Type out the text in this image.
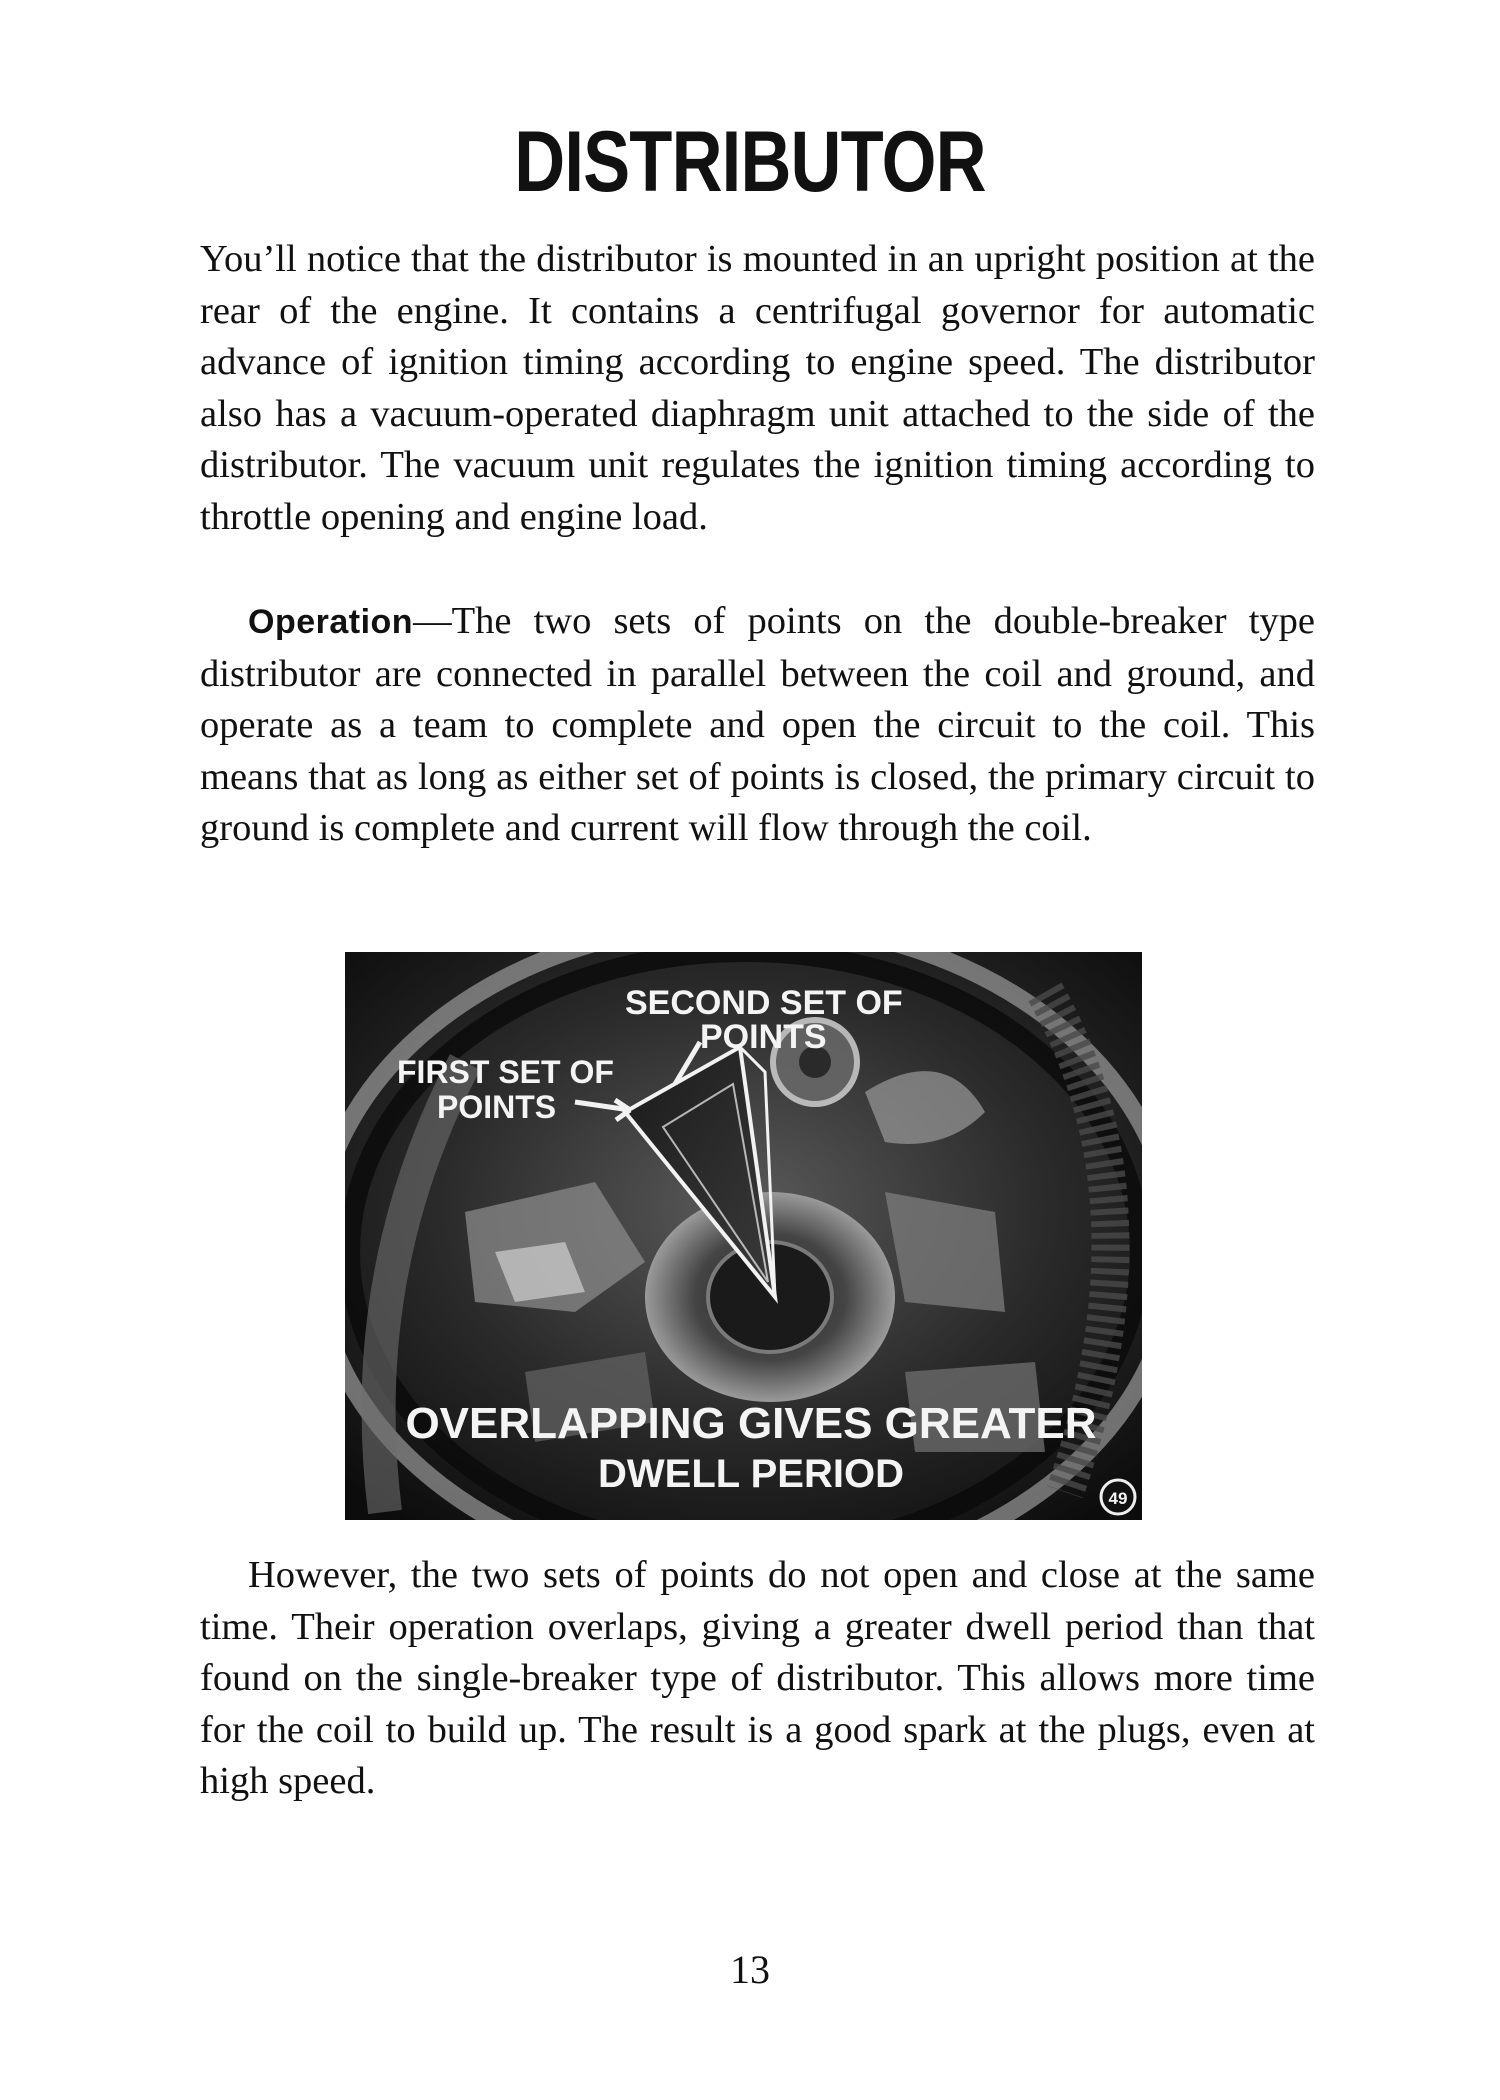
DISTRIBUTOR

You’ll notice that the distributor is mounted in an upright position at the rear of the engine. It contains a centrifugal governor for automatic advance of ignition timing according to engine speed. The distributor also has a vacuum-operated diaphragm unit attached to the side of the distributor. The vacuum unit regulates the ignition timing according to throttle opening and engine load.

Operation—The two sets of points on the double-breaker type distributor are connected in parallel between the coil and ground, and operate as a team to complete and open the circuit to the coil. This means that as long as either set of points is closed, the primary circuit to ground is complete and current will flow through the coil.

SECOND SET OF
POINTS
FIRST SET OF
POINTS
OVERLAPPING GIVES GREATER
DWELL PERIOD
49

However, the two sets of points do not open and close at the same time. Their operation overlaps, giving a greater dwell period than that found on the single-breaker type of distributor. This allows more time for the coil to build up. The result is a good spark at the plugs, even at high speed.

13
